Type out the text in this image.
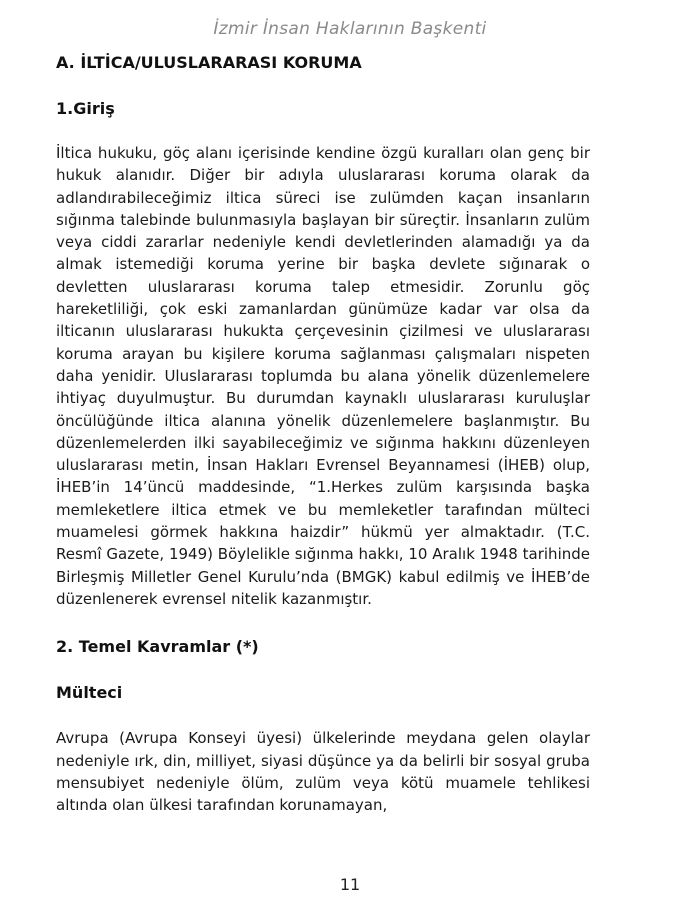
İzmir İnsan Haklarının Başkenti
A. İLTİCA/ULUSLARARASI KORUMA
1.Giriş

İltica hukuku, göç alanı içerisinde kendine özgü kuralları olan genç bir hukuk alanıdır. Diğer bir adıyla uluslararası koruma olarak da adlandırabileceğimiz iltica süreci ise zulümden kaçan insanların sığınma talebinde bulunmasıyla başlayan bir süreçtir. İnsanların zulüm veya ciddi zararlar nedeniyle kendi devletlerinden alamadığı ya da almak istemediği koruma yerine bir başka devlete sığınarak o devletten uluslararası koruma talep etmesidir. Zorunlu göç hareketliliği, çok eski zamanlardan günümüze kadar var olsa da ilticanın uluslararası hukukta çerçevesinin çizilmesi ve uluslararası koruma arayan bu kişilere koruma sağlanması çalışmaları nispeten daha yenidir. Uluslararası toplumda bu alana yönelik düzenlemelere ihtiyaç duyulmuştur. Bu durumdan kaynaklı uluslararası kuruluşlar öncülüğünde iltica alanına yönelik düzenlemelere başlanmıştır. Bu düzenlemelerden ilki sayabileceğimiz ve sığınma hakkını düzenleyen uluslararası metin, İnsan Hakları Evrensel Beyannamesi (İHEB) olup, İHEB’in 14’üncü maddesinde, “1.Herkes zulüm karşısında başka memleketlere iltica etmek ve bu memleketler tarafından mülteci muamelesi görmek hakkına haizdir” hükmü yer almaktadır. (T.C. Resmî Gazete, 1949) Böylelikle sığınma hakkı, 10 Aralık 1948 tarihinde Birleşmiş Milletler Genel Kurulu’nda (BMGK) kabul edilmiş ve İHEB’de düzenlenerek evrensel nitelik kazanmıştır.

2. Temel Kavramlar (*)
Mülteci

Avrupa (Avrupa Konseyi üyesi) ülkelerinde meydana gelen olaylar nedeniyle ırk, din, milliyet, siyasi düşünce ya da belirli bir sosyal gruba mensubiyet nedeniyle ölüm, zulüm veya kötü muamele tehlikesi altında olan ülkesi tarafından korunamayan,

11
